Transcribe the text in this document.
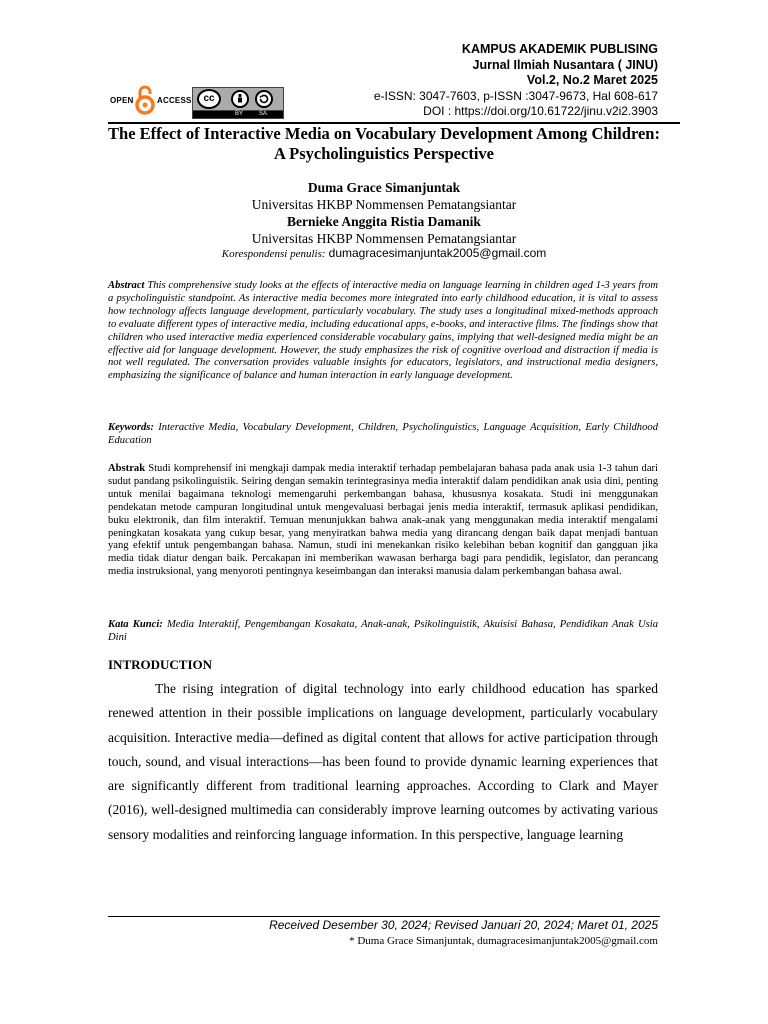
KAMPUS AKADEMIK PUBLISING
Jurnal Ilmiah Nusantara ( JINU)
Vol.2, No.2 Maret 2025
e-ISSN: 3047-7603, p-ISSN :3047-9673, Hal 608-617
DOI : https://doi.org/10.61722/jinu.v2i2.3903
OPEN	ACCESS	cc
BY	SA
The Effect of Interactive Media on Vocabulary Development Among Children: A Psycholinguistics Perspective
Duma Grace Simanjuntak
Universitas HKBP Nommensen Pematangsiantar
Bernieke Anggita Ristia Damanik
Universitas HKBP Nommensen Pematangsiantar
Korespondensi penulis: dumagracesimanjuntak2005@gmail.com
Abstract This comprehensive study looks at the effects of interactive media on language learning in children aged 1-3 years from a psycholinguistic standpoint. As interactive media becomes more integrated into early childhood education, it is vital to assess how technology affects language development, particularly vocabulary. The study uses a longitudinal mixed-methods approach to evaluate different types of interactive media, including educational apps, e-books, and interactive films. The findings show that children who used interactive media experienced considerable vocabulary gains, implying that well-designed media might be an effective aid for language development. However, the study emphasizes the risk of cognitive overload and distraction if media is not well regulated. The conversation provides valuable insights for educators, legislators, and instructional media designers, emphasizing the significance of balance and human interaction in early language development.
Keywords: Interactive Media, Vocabulary Development, Children, Psycholinguistics, Language Acquisition, Early Childhood Education
Abstrak Studi komprehensif ini mengkaji dampak media interaktif terhadap pembelajaran bahasa pada anak usia 1-3 tahun dari sudut pandang psikolinguistik. Seiring dengan semakin terintegrasinya media interaktif dalam pendidikan anak usia dini, penting untuk menilai bagaimana teknologi memengaruhi perkembangan bahasa, khususnya kosakata. Studi ini menggunakan pendekatan metode campuran longitudinal untuk mengevaluasi berbagai jenis media interaktif, termasuk aplikasi pendidikan, buku elektronik, dan film interaktif. Temuan menunjukkan bahwa anak-anak yang menggunakan media interaktif mengalami peningkatan kosakata yang cukup besar, yang menyiratkan bahwa media yang dirancang dengan baik dapat menjadi bantuan yang efektif untuk pengembangan bahasa. Namun, studi ini menekankan risiko kelebihan beban kognitif dan gangguan jika media tidak diatur dengan baik. Percakapan ini memberikan wawasan berharga bagi para pendidik, legislator, dan perancang media instruksional, yang menyoroti pentingnya keseimbangan dan interaksi manusia dalam perkembangan bahasa awal.
Kata Kunci: Media Interaktif, Pengembangan Kosakata, Anak-anak, Psikolinguistik, Akuisisi Bahasa, Pendidikan Anak Usia Dini
INTRODUCTION
The rising integration of digital technology into early childhood education has sparked renewed attention in their possible implications on language development, particularly vocabulary acquisition. Interactive media—defined as digital content that allows for active participation through touch, sound, and visual interactions—has been found to provide dynamic learning experiences that are significantly different from traditional learning approaches. According to Clark and Mayer (2016), well-designed multimedia can considerably improve learning outcomes by activating various sensory modalities and reinforcing language information. In this perspective, language learning
Received Desember 30, 2024; Revised Januari 20, 2024; Maret 01, 2025
* Duma Grace Simanjuntak, dumagracesimanjuntak2005@gmail.com
